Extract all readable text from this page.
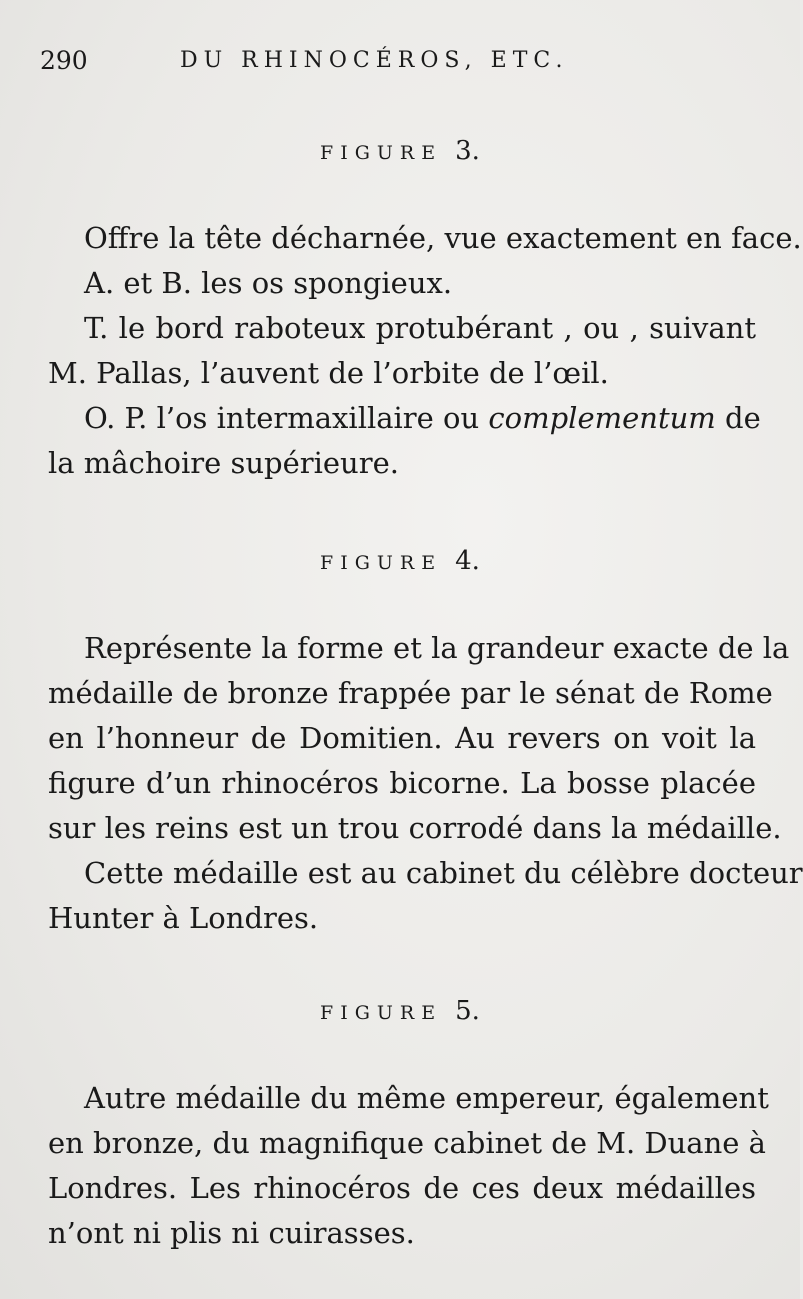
290	DU RHINOCÉROS, ETC.
FIGURE 3.
Offre la tête décharnée, vue exactement en face.
A. et B. les os spongieux.
T. le bord raboteux protubérant , ou , suivant
M. Pallas, l’auvent de l’orbite de l’œil.
O. P. l’os intermaxillaire ou complementum de
la mâchoire supérieure.
FIGURE 4.
Représente la forme et la grandeur exacte de la
médaille de bronze frappée par le sénat de Rome
en l’honneur de Domitien. Au revers on voit la
figure d’un rhinocéros bicorne. La bosse placée
sur les reins est un trou corrodé dans la médaille.
Cette médaille est au cabinet du célèbre docteur
Hunter à Londres.
FIGURE 5.
Autre médaille du même empereur, également
en bronze, du magnifique cabinet de M. Duane à
Londres. Les rhinocéros de ces deux médailles
n’ont ni plis ni cuirasses.
